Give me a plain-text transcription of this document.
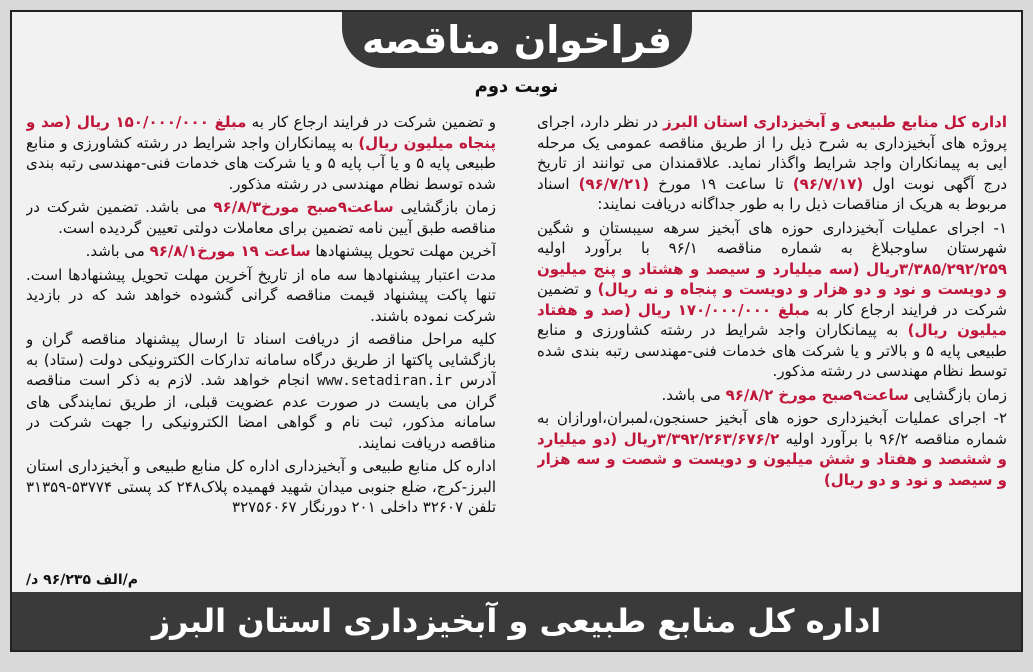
فراخوان مناقصه
نوبت دوم

اداره کل منابع طبیعی و آبخیزداری استان البرز در نظر دارد، اجرای پروژه های آبخیزداری به شرح ذیل را از طریق مناقصه عمومی یک مرحله ایی به پیمانکاران واجد شرایط واگذار نماید. علاقمندان می توانند از تاریخ درج آگهی نوبت اول (۹۶/۷/۱۷) تا ساعت ۱۹ مورخ (۹۶/۷/۲۱) اسناد مربوط به هریک از مناقصات ذیل را به طور جداگانه دریافت نمایند:

۱- اجرای عملیات آبخیزداری حوزه های آبخیز سرهه سیبستان و شگین شهرستان ساوجبلاغ به شماره مناقصه ۹۶/۱ با برآورد اولیه ۳/۳۸۵/۲۹۲/۲۵۹ریال (سه میلیارد و سیصد و هشتاد و پنج میلیون و دویست و نود و دو هزار و دویست و پنجاه و نه ریال) و تضمین شرکت در فرایند ارجاع کار به مبلغ ۱۷۰/۰۰۰/۰۰۰ ریال (صد و هفتاد میلیون ریال) به پیمانکاران واجد شرایط در رشته کشاورزی و منابع طبیعی پایه ۵ و بالاتر و یا شرکت های خدمات فنی-مهندسی رتبه بندی شده توسط نظام مهندسی در رشته مذکور.

زمان بازگشایی ساعت۹صبح مورخ ۹۶/۸/۲ می باشد.

۲- اجرای عملیات آبخیزداری حوزه های آبخیز حسنجون،لمبران،اورازان به شماره مناقصه ۹۶/۲ با برآورد اولیه ۳/۳۹۲/۲۶۳/۶۷۶/۲ریال (دو میلیارد و ششصد و هفتاد و شش میلیون و دویست و شصت و سه هزار و سیصد و نود و دو ریال)

و تضمین شرکت در فرایند ارجاع کار به مبلغ ۱۵۰/۰۰۰/۰۰۰ ریال (صد و پنجاه میلیون ریال) به پیمانکاران واجد شرایط در رشته کشاورزی و منابع طبیعی پایه ۵ و یا آب پایه ۵ و یا شرکت های خدمات فنی-مهندسی رتبه بندی شده توسط نظام مهندسی در رشته مذکور.

زمان بازگشایی ساعت۹صبح مورخ۹۶/۸/۳ می باشد. تضمین شرکت در مناقصه طبق آیین نامه تضمین برای معاملات دولتی تعیین گردیده است.

آخرین مهلت تحویل پیشنهادها ساعت ۱۹ مورخ۹۶/۸/۱ می باشد.

مدت اعتبار پیشنهادها سه ماه از تاریخ آخرین مهلت تحویل پیشنهادها است. تنها پاکت پیشنهاد قیمت مناقصه گرانی گشوده خواهد شد که در بازدید شرکت نموده باشند.

کلیه مراحل مناقصه از دریافت اسناد تا ارسال پیشنهاد مناقصه گران و بازگشایی پاکتها از طریق درگاه سامانه تدارکات الکترونیکی دولت (ستاد) به آدرس www.setadiran.ir انجام خواهد شد. لازم به ذکر است مناقصه گران می بایست در صورت عدم عضویت قبلی، از طریق نمایندگی های سامانه مذکور، ثبت نام و گواهی امضا الکترونیکی را جهت شرکت در مناقصه دریافت نمایند.

اداره کل منابع طبیعی و آبخیزداری اداره کل منابع طبیعی و آبخیزداری استان البرز-کرج، ضلع جنوبی میدان شهید فهمیده پلاک۲۴۸ کد پستی ۵۳۷۷۴-۳۱۳۵۹ تلفن ۳۲۶۰۷ داخلی ۲۰۱ دورنگار ۳۲۷۵۶۰۶۷

م/الف ۹۶/۲۳۵ د/
اداره کل منابع طبیعی و آبخیزداری استان البرز
